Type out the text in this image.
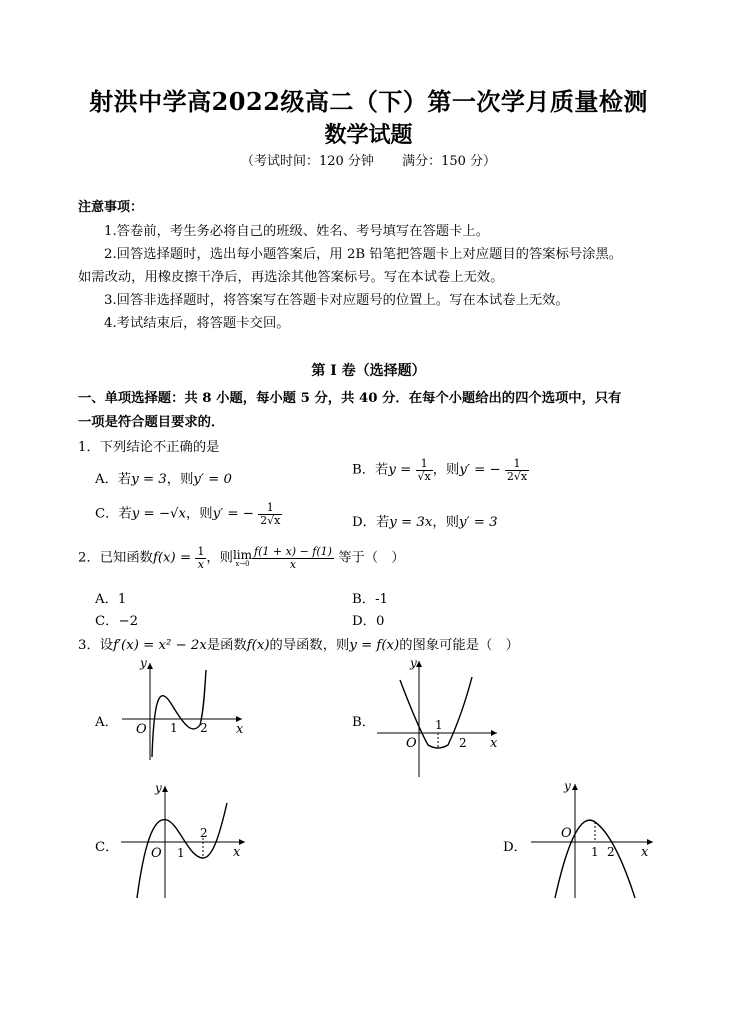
射洪中学高2022级高二（下）第一次学月质量检测
数学试题
（考试时间：120 分钟 满分：150 分）
注意事项：
1.答卷前，考生务必将自己的班级、姓名、考号填写在答题卡上。
2.回答选择题时，选出每小题答案后，用 2B 铅笔把答题卡上对应题目的答案标号涂黑。
如需改动，用橡皮擦干净后，再选涂其他答案标号。写在本试卷上无效。
3.回答非选择题时，将答案写在答题卡对应题号的位置上。写在本试卷上无效。
4.考试结束后，将答题卡交回。
第 I 卷（选择题）
一、单项选择题：共 8 小题，每小题 5 分，共 40 分．在每个小题给出的四个选项中，只有
一项是符合题目要求的．
1．下列结论不正确的是
A．若y = 3，则y′ = 0
B．若$y = \frac{1}{√x}$ ，则y′ = − $\frac{1}{2√x}$
C．若y = −√x，则y′ = − $\frac{1}{2√x}$	D．若y = 3x，则y′ = 3
2．已知函数$f(x) = \frac{1}{x}$ ，则 lim
$x\to 0 \frac{f(1 + x) - f(1)}{x}$ 等于（　）
A．1	B．-1
C．−2	D．0
3．设f′(x) = x² − 2x是函数f(x)的导函数，则y = f(x)的图象可能是（　）
A．
y
x
O 1 2	B．
y
x
O
1
2
C．
y
x
O 1
2
D．
y
x
O
1 2
